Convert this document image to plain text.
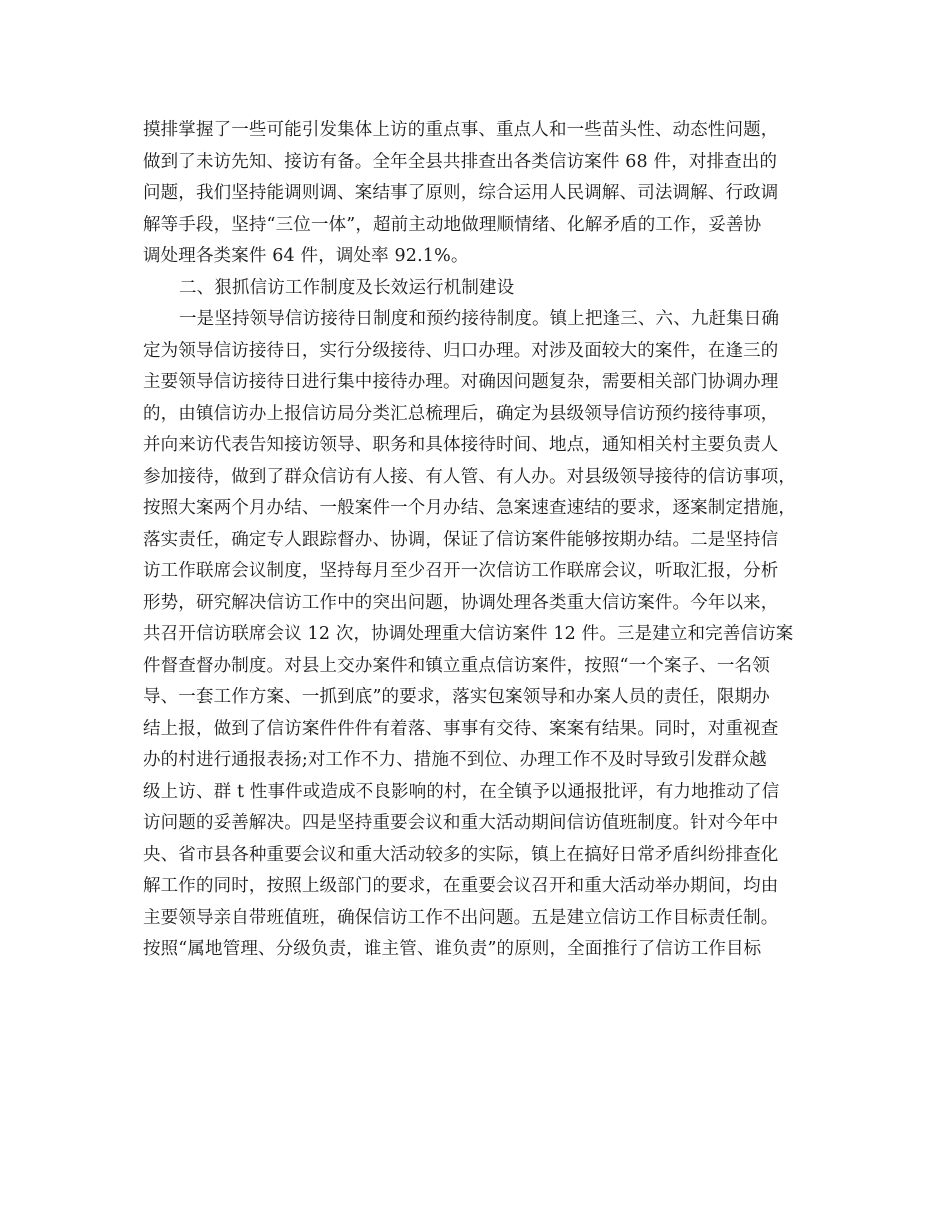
摸排掌握了一些可能引发集体上访的重点事、重点人和一些苗头性、动态性问题，
做到了未访先知、接访有备。全年全县共排查出各类信访案件 68 件，对排查出的
问题，我们坚持能调则调、案结事了原则，综合运用人民调解、司法调解、行政调
解等手段，坚持“三位一体”，超前主动地做理顺情绪、化解矛盾的工作，妥善协
调处理各类案件 64 件，调处率 92.1%。
二、狠抓信访工作制度及长效运行机制建设
一是坚持领导信访接待日制度和预约接待制度。镇上把逢三、六、九赶集日确
定为领导信访接待日，实行分级接待、归口办理。对涉及面较大的案件，在逢三的
主要领导信访接待日进行集中接待办理。对确因问题复杂，需要相关部门协调办理
的，由镇信访办上报信访局分类汇总梳理后，确定为县级领导信访预约接待事项，
并向来访代表告知接访领导、职务和具体接待时间、地点，通知相关村主要负责人
参加接待，做到了群众信访有人接、有人管、有人办。对县级领导接待的信访事项，
按照大案两个月办结、一般案件一个月办结、急案速查速结的要求，逐案制定措施，
落实责任，确定专人跟踪督办、协调，保证了信访案件能够按期办结。二是坚持信
访工作联席会议制度，坚持每月至少召开一次信访工作联席会议，听取汇报，分析
形势，研究解决信访工作中的突出问题，协调处理各类重大信访案件。今年以来，
共召开信访联席会议 12 次，协调处理重大信访案件 12 件。三是建立和完善信访案
件督查督办制度。对县上交办案件和镇立重点信访案件，按照“一个案子、一名领
导、一套工作方案、一抓到底”的要求，落实包案领导和办案人员的责任，限期办
结上报，做到了信访案件件件有着落、事事有交待、案案有结果。同时，对重视查
办的村进行通报表扬;对工作不力、措施不到位、办理工作不及时导致引发群众越
级上访、群 t 性事件或造成不良影响的村，在全镇予以通报批评，有力地推动了信
访问题的妥善解决。四是坚持重要会议和重大活动期间信访值班制度。针对今年中
央、省市县各种重要会议和重大活动较多的实际，镇上在搞好日常矛盾纠纷排查化
解工作的同时，按照上级部门的要求，在重要会议召开和重大活动举办期间，均由
主要领导亲自带班值班，确保信访工作不出问题。五是建立信访工作目标责任制。
按照“属地管理、分级负责，谁主管、谁负责”的原则，全面推行了信访工作目标
